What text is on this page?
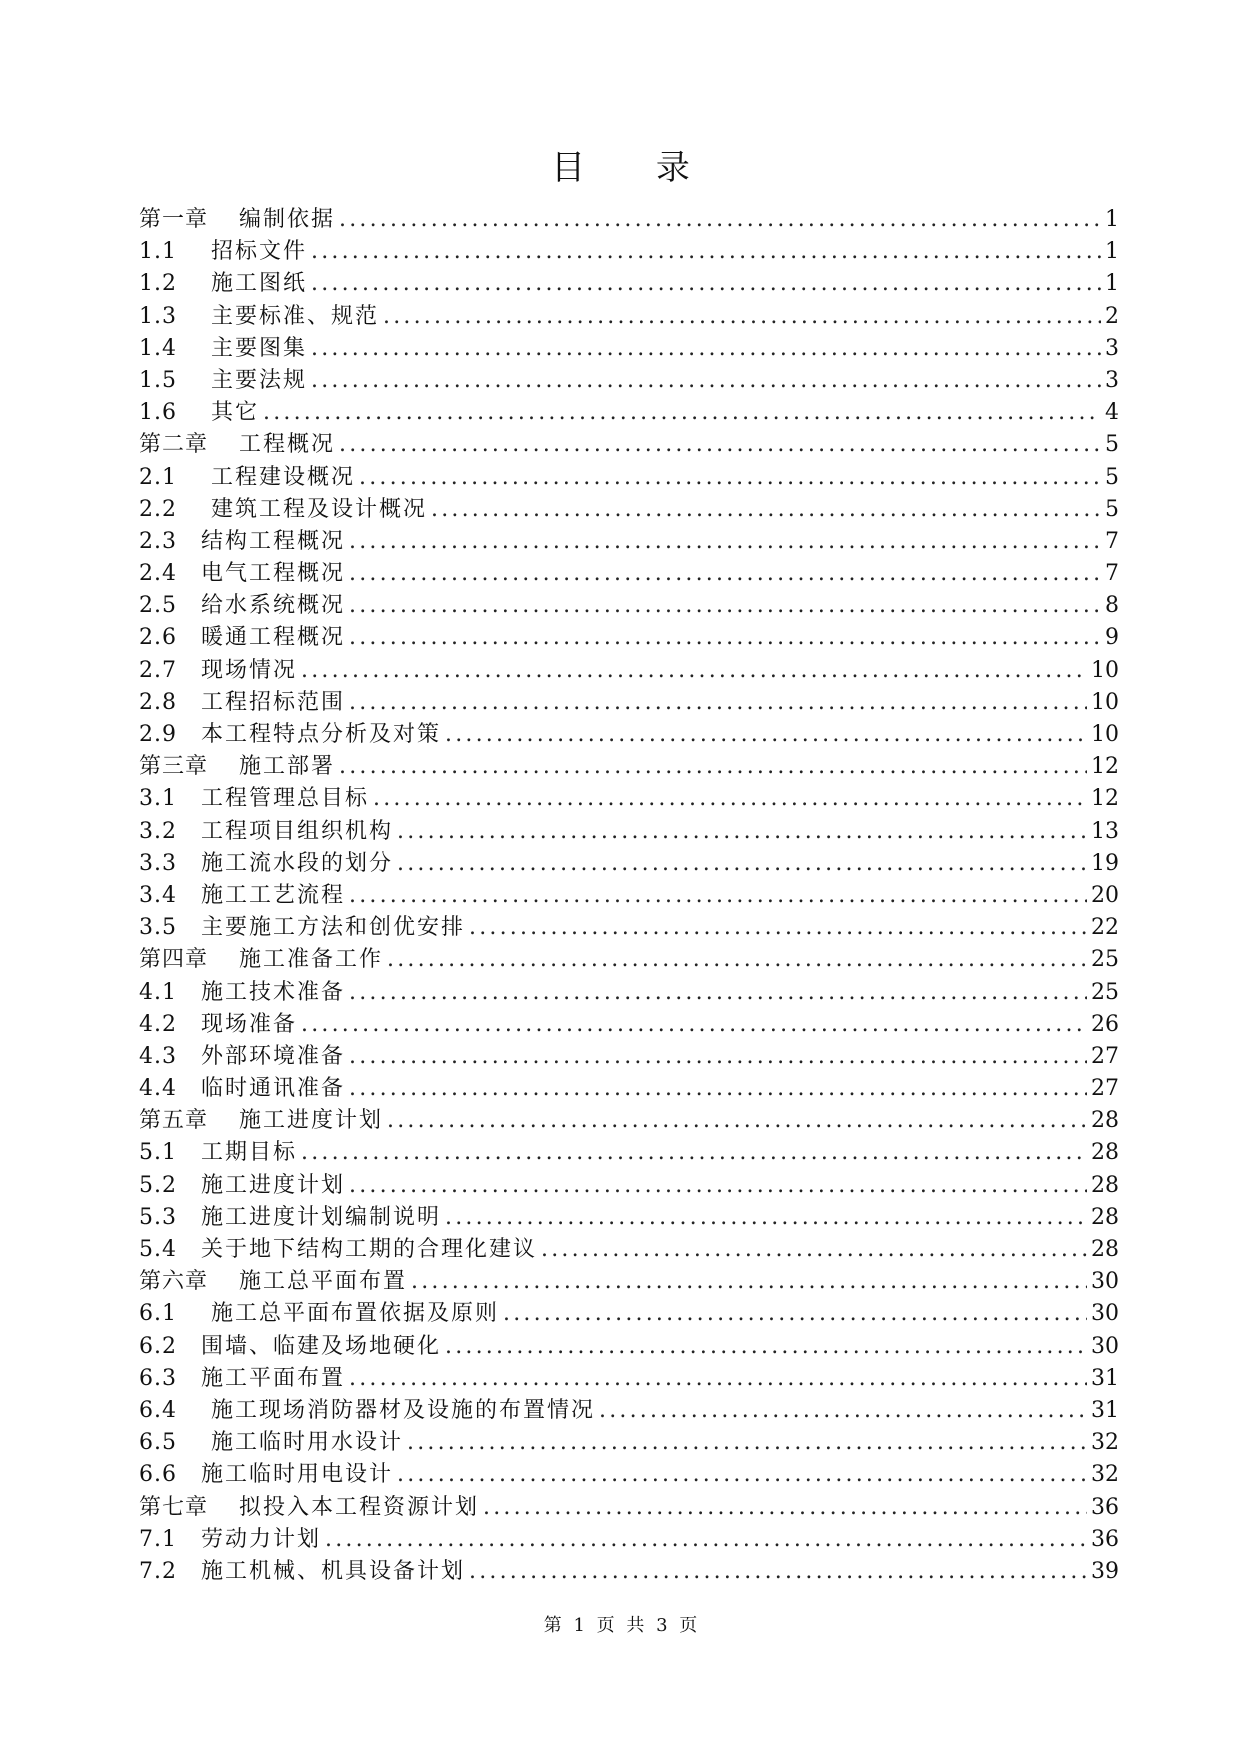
目 录
第一章	编制依据 .....	1
1.1	招标文件 .....	1
1.2	施工图纸 .....	1
1.3	主要标准、规范 .....	2
1.4	主要图集 .....	3
1.5	主要法规 .....	3
1.6	其它 .....	4
第二章	工程概况 .....	5
2.1	工程建设概况 .....	5
2.2	建筑工程及设计概况 .....	5
2.3	结构工程概况 .....	7
2.4	电气工程概况 .....	7
2.5	给水系统概况 .....	8
2.6	暖通工程概况 .....	9
2.7	现场情况 .....	10
2.8	工程招标范围 .....	10
2.9	本工程特点分析及对策 .....	10
第三章	施工部署 .....	12
3.1	工程管理总目标 .....	12
3.2	工程项目组织机构 .....	13
3.3	施工流水段的划分 .....	19
3.4	施工工艺流程 .....	20
3.5	主要施工方法和创优安排 .....	22
第四章	施工准备工作 .....	25
4.1	施工技术准备 .....	25
4.2	现场准备 .....	26
4.3	外部环境准备 .....	27
4.4	临时通讯准备 .....	27
第五章	施工进度计划 .....	28
5.1	工期目标 .....	28
5.2	施工进度计划 .....	28
5.3	施工进度计划编制说明 .....	28
5.4	关于地下结构工期的合理化建议 .....	28
第六章	施工总平面布置 .....	30
6.1	施工总平面布置依据及原则 .....	30
6.2	围墙、临建及场地硬化 .....	30
6.3	施工平面布置 .....	31
6.4	施工现场消防器材及设施的布置情况 .....	31
6.5	施工临时用水设计 .....	32
6.6	施工临时用电设计 .....	32
第七章	拟投入本工程资源计划 .....	36
7.1	劳动力计划 .....	36
7.2	施工机械、机具设备计划 .....	39
第 1 页 共 3 页
